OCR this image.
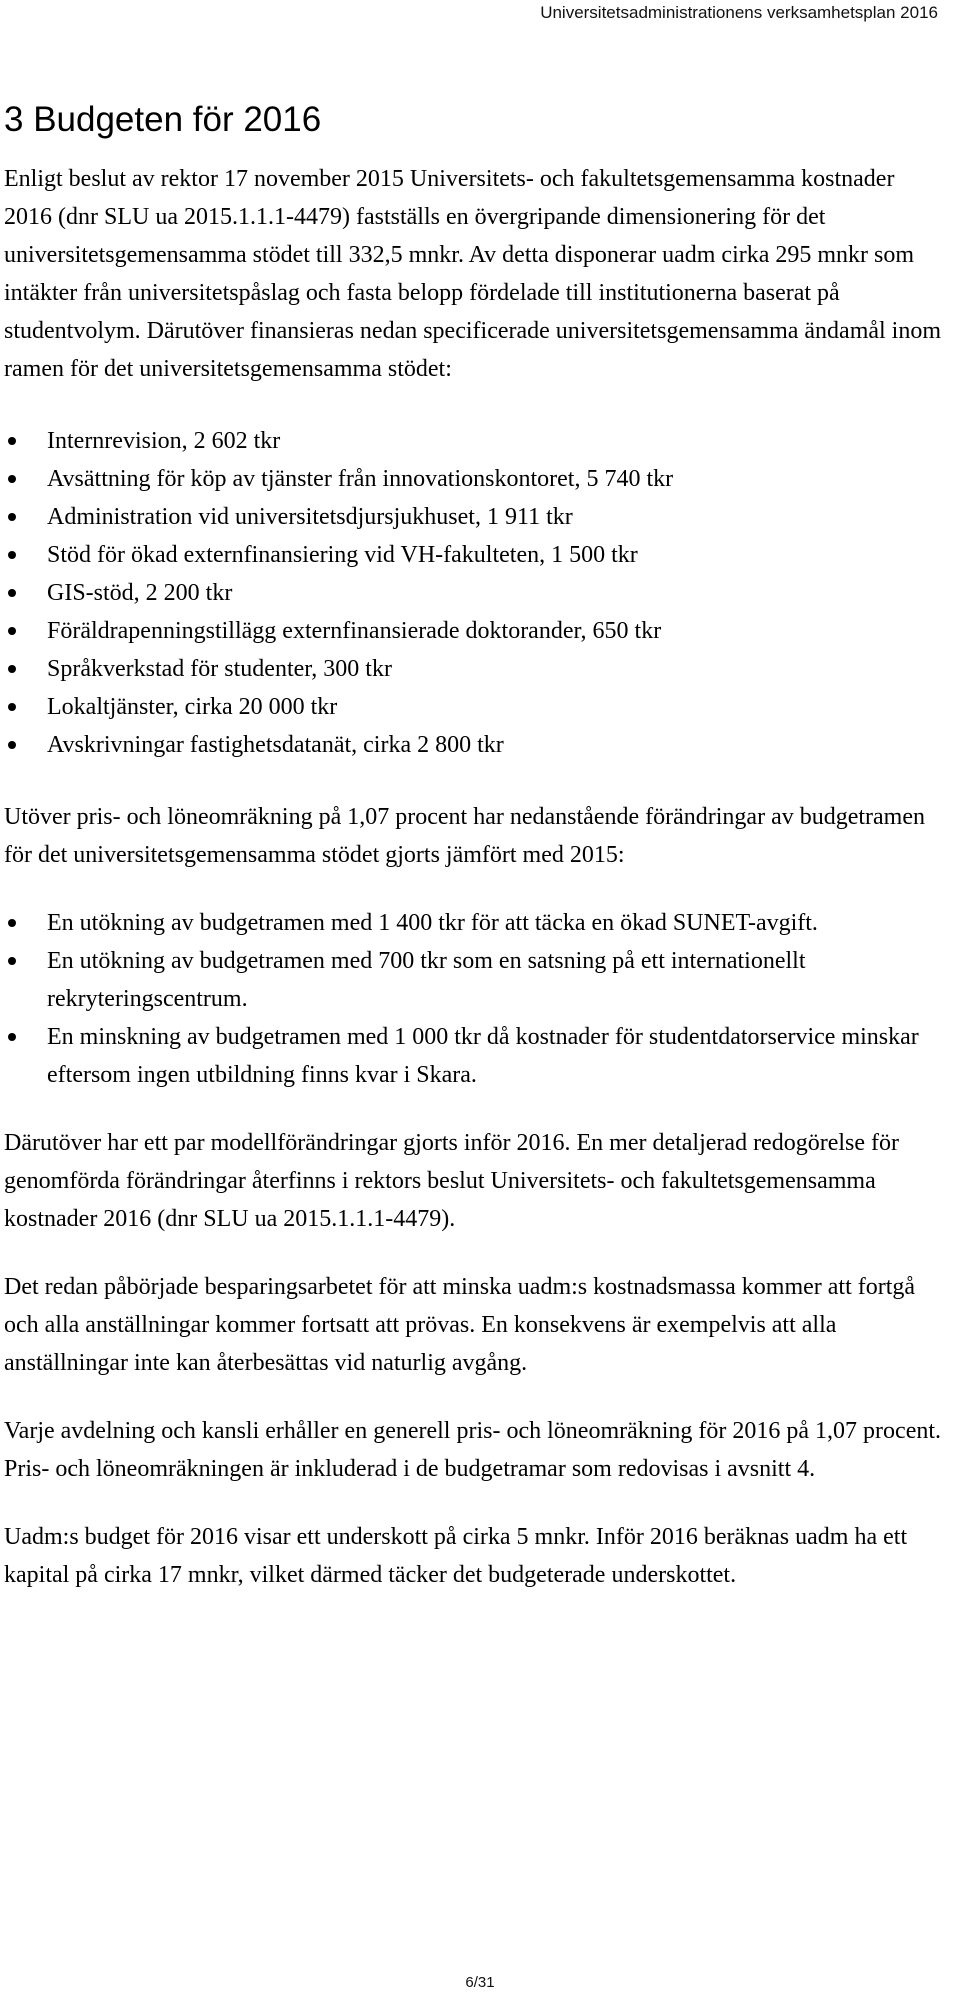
Universitetsadministrationens verksamhetsplan 2016
3 Budgeten för 2016

Enligt beslut av rektor 17 november 2015 Universitets- och fakultetsgemensamma kostnader 2016 (dnr SLU ua 2015.1.1.1-4479) fastställs en övergripande dimensionering för det universitetsgemensamma stödet till 332,5 mnkr. Av detta disponerar uadm cirka 295 mnkr som intäkter från universitetspåslag och fasta belopp fördelade till institutionerna baserat på studentvolym. Därutöver finansieras nedan specificerade universitetsgemensamma ändamål inom ramen för det universitetsgemensamma stödet:

Internrevision, 2 602 tkr
Avsättning för köp av tjänster från innovationskontoret, 5 740 tkr
Administration vid universitetsdjursjukhuset, 1 911 tkr
Stöd för ökad externfinansiering vid VH-fakulteten, 1 500 tkr
GIS-stöd, 2 200 tkr
Föräldrapenningstillägg externfinansierade doktorander, 650 tkr
Språkverkstad för studenter, 300 tkr
Lokaltjänster, cirka 20 000 tkr
Avskrivningar fastighetsdatanät, cirka 2 800 tkr

Utöver pris- och löneomräkning på 1,07 procent har nedanstående förändringar av budgetramen för det universitetsgemensamma stödet gjorts jämfört med 2015:

En utökning av budgetramen med 1 400 tkr för att täcka en ökad SUNET-avgift.
En utökning av budgetramen med 700 tkr som en satsning på ett internationellt rekryteringscentrum.
En minskning av budgetramen med 1 000 tkr då kostnader för studentdatorservice minskar eftersom ingen utbildning finns kvar i Skara.

Därutöver har ett par modellförändringar gjorts inför 2016. En mer detaljerad redogörelse för genomförda förändringar återfinns i rektors beslut Universitets- och fakultetsgemensamma kostnader 2016 (dnr SLU ua 2015.1.1.1-4479).

Det redan påbörjade besparingsarbetet för att minska uadm:s kostnadsmassa kommer att fortgå och alla anställningar kommer fortsatt att prövas. En konsekvens är exempelvis att alla anställningar inte kan återbesättas vid naturlig avgång.

Varje avdelning och kansli erhåller en generell pris- och löneomräkning för 2016 på 1,07 procent. Pris- och löneomräkningen är inkluderad i de budgetramar som redovisas i avsnitt 4.

Uadm:s budget för 2016 visar ett underskott på cirka 5 mnkr. Inför 2016 beräknas uadm ha ett kapital på cirka 17 mnkr, vilket därmed täcker det budgeterade underskottet.

6/31
